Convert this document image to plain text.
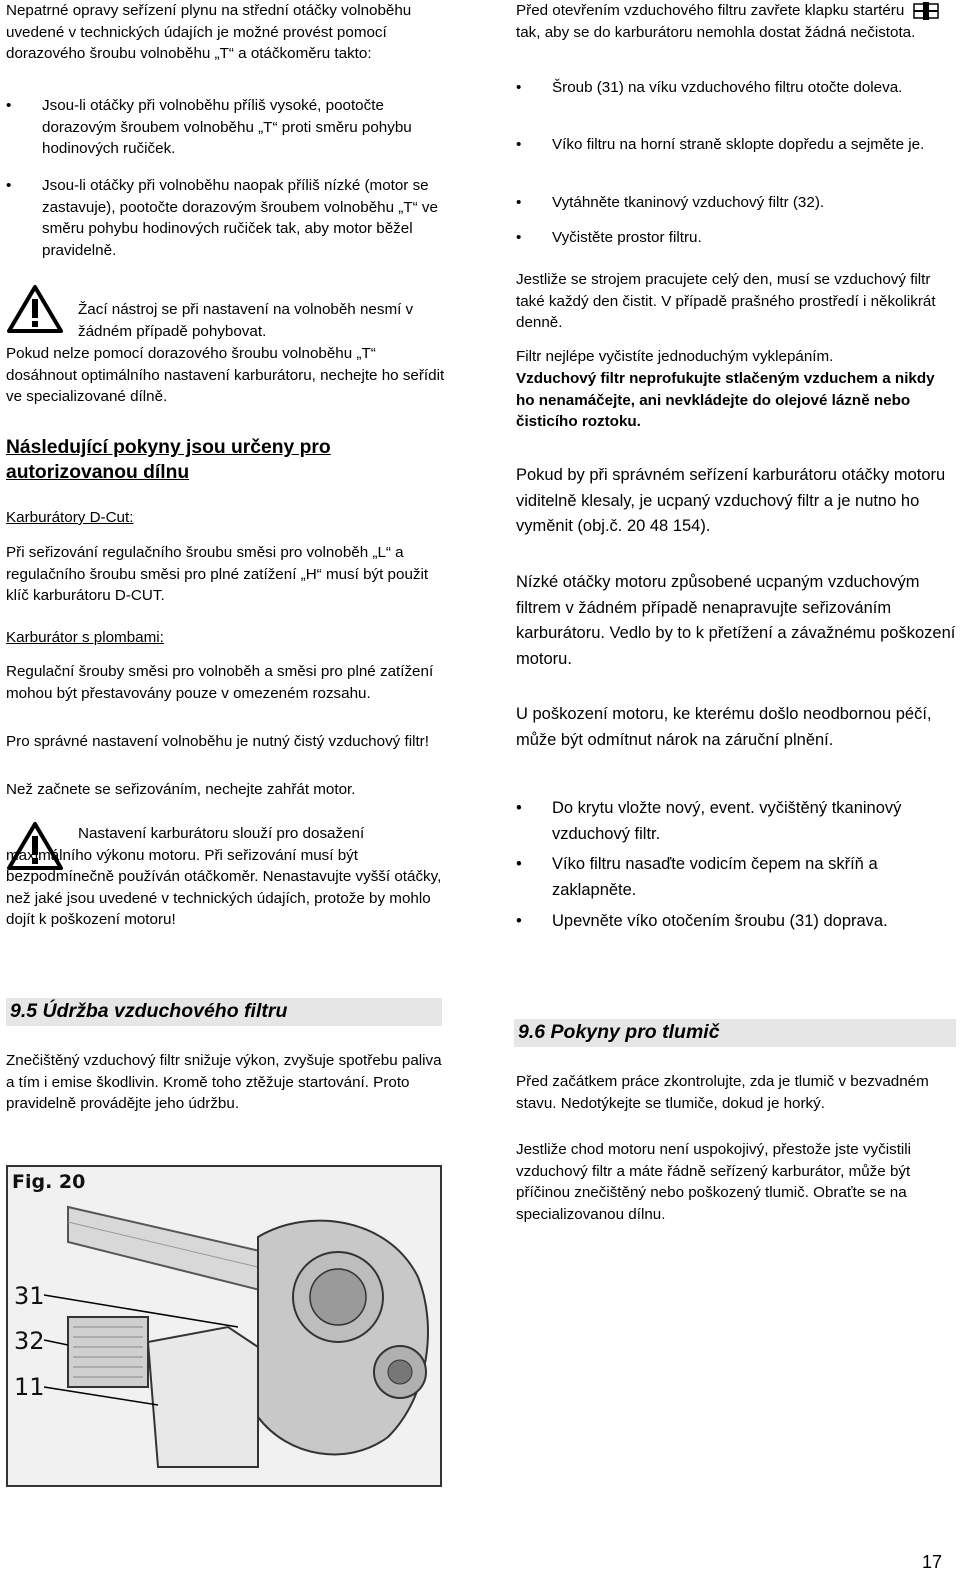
Nepatrné opravy seřízení plynu na střední otáčky volnoběhu uvedené v technických údajích je možné provést pomocí dorazového šroubu volnoběhu „T“ a otáčkoměru takto:

• Jsou-li otáčky při volnoběhu příliš vysoké, pootočte dorazovým šroubem volnoběhu „T“ proti směru pohybu hodinových ručiček.
• Jsou-li otáčky při volnoběhu naopak příliš nízké (motor se zastavuje), pootočte dorazovým šroubem volnoběhu „T“ ve směru pohybu hodinových ručiček tak, aby motor běžel pravidelně.

Žací nástroj se při nastavení na volnoběh nesmí v žádném případě pohybovat.

Pokud nelze pomocí dorazového šroubu volnoběhu „T“ dosáhnout optimálního nastavení karburátoru, nechejte ho seřídit ve specializované dílně.

Následující pokyny jsou určeny pro autorizovanou dílnu

Karburátory D-Cut:

Při seřizování regulačního šroubu směsi pro volnoběh „L“ a regulačního šroubu směsi pro plné zatížení „H“ musí být použit klíč karburátoru D-CUT.

Karburátor s plombami:

Regulační šrouby směsi pro volnoběh a směsi pro plné zatížení mohou být přestavovány pouze v omezeném rozsahu.

Pro správné nastavení volnoběhu je nutný čistý vzduchový filtr!

Než začnete se seřizováním, nechejte zahřát motor.

Nastavení karburátoru slouží pro dosažení maximálního výkonu motoru. Při seřizování musí být bezpodmínečně používán otáčkoměr. Nenastavujte vyšší otáčky, než jaké jsou uvedené v technických údajích, protože by mohlo dojít k poškození motoru!

9.5 Údržba vzduchového filtru

Znečištěný vzduchový filtr snižuje výkon, zvyšuje spotřebu paliva a tím i emise škodlivin. Kromě toho ztěžuje startování. Proto pravidelně provádějte jeho údržbu.

Fig. 20
31
32
11

Před otevřením vzduchového filtru zavřete klapku startérutak, aby se do karburátoru nemohla dostat žádná nečistota.

• Šroub (31) na víku vzduchového filtru otočte doleva.
• Víko filtru na horní straně sklopte dopředu a sejměte je.
• Vytáhněte tkaninový vzduchový filtr (32).
• Vyčistěte prostor filtru.

Jestliže se strojem pracujete celý den, musí se vzduchový filtr také každý den čistit. V případě prašného prostředí i několikrát denně.

Filtr nejlépe vyčistíte jednoduchým vyklepáním.

Vzduchový filtr neprofukujte stlačeným vzduchem a nikdy ho nenamáčejte, ani nevkládejte do olejové lázně nebo čisticího roztoku.

Pokud by při správném seřízení karburátoru otáčky motoru viditelně klesaly, je ucpaný vzduchový filtr a je nutno ho vyměnit (obj.č. 20 48 154).

Nízké otáčky motoru způsobené ucpaným vzduchovým filtrem v žádném případě nenapravujte seřizováním karburátoru. Vedlo by to k přetížení a závažnému poškození motoru.

U poškození motoru, ke kterému došlo neodbornou péčí, může být odmítnut nárok na záruční plnění.

• Do krytu vložte nový, event. vyčištěný tkaninový vzduchový filtr.
• Víko filtru nasaďte vodicím čepem na skříň a zaklapněte.
• Upevněte víko otočením šroubu (31) doprava.
9.6 Pokyny pro tlumič

Před začátkem práce zkontrolujte, zda je tlumič v bezvadném stavu. Nedotýkejte se tlumiče, dokud je horký.

Jestliže chod motoru není uspokojivý, přestože jste vyčistili vzduchový filtr a máte řádně seřízený karburátor, může být příčinou znečištěný nebo poškozený tlumič. Obraťte se na specializovanou dílnu.

17
